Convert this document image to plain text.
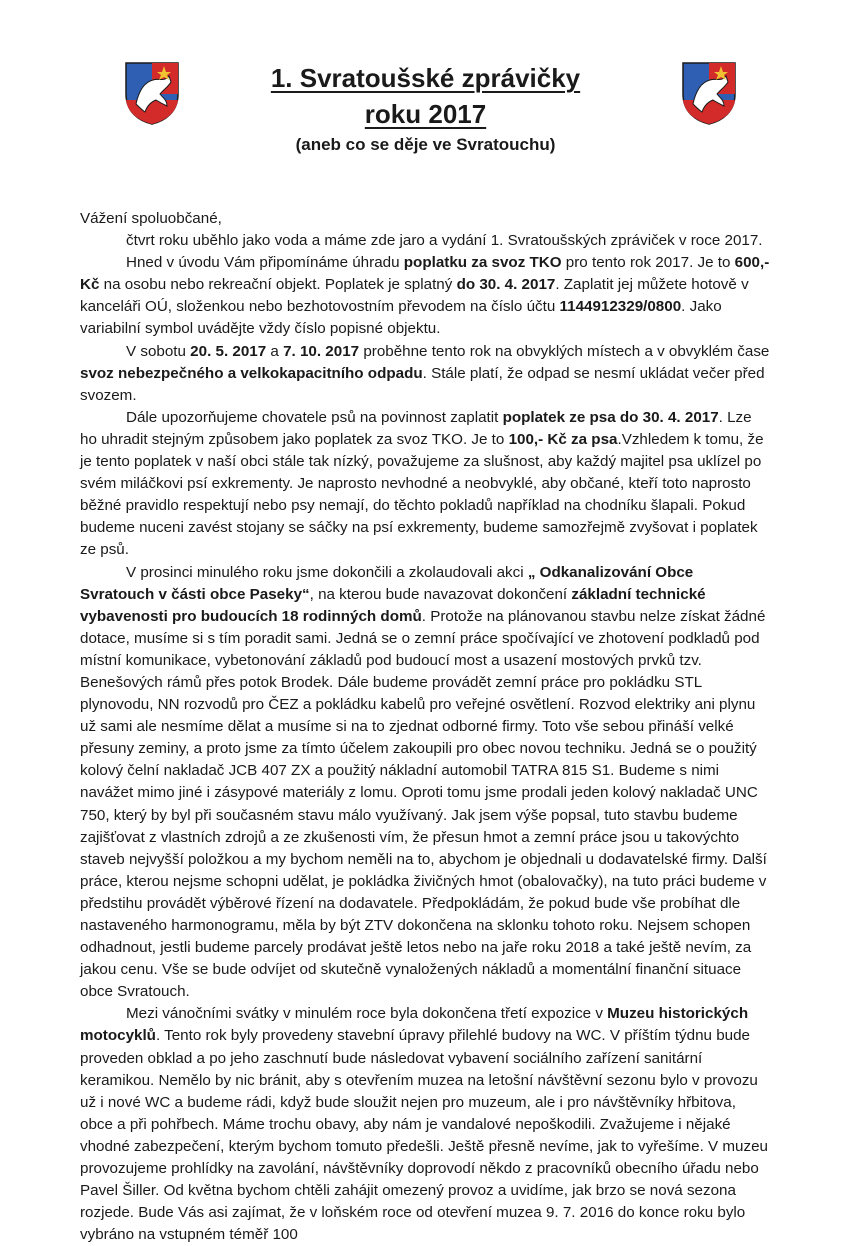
1. Svratoušské zprávičky
roku 2017
(aneb co se děje ve Svratouchu)

Vážení spoluobčané,

čtvrt roku uběhlo jako voda a máme zde jaro a vydání 1. Svratoušských zpráviček v roce 2017.

Hned v úvodu Vám připomínáme úhradu poplatku za svoz TKO pro tento rok 2017. Je to 600,- Kč na osobu nebo rekreační objekt. Poplatek je splatný do 30. 4. 2017. Zaplatit jej můžete hotově v kanceláři OÚ, složenkou nebo bezhotovostním převodem na číslo účtu 1144912329/0800. Jako variabilní symbol uvádějte vždy číslo popisné objektu.

V sobotu 20. 5. 2017 a 7. 10. 2017 proběhne tento rok na obvyklých místech a v obvyklém čase svoz nebezpečného a velkokapacitního odpadu. Stále platí, že odpad se nesmí ukládat večer před svozem.

Dále upozorňujeme chovatele psů na povinnost zaplatit poplatek ze psa do 30. 4. 2017. Lze ho uhradit stejným způsobem jako poplatek za svoz TKO. Je to 100,- Kč za psa.Vzhledem k tomu, že je tento poplatek v naší obci stále tak nízký, považujeme za slušnost, aby každý majitel psa uklízel po svém miláčkovi psí exkrementy. Je naprosto nevhodné a neobvyklé, aby občané, kteří toto naprosto běžné pravidlo respektují nebo psy nemají, do těchto pokladů například na chodníku šlapali. Pokud budeme nuceni zavést stojany se sáčky na psí exkrementy, budeme samozřejmě zvyšovat i poplatek ze psů.

V prosinci minulého roku jsme dokončili a zkolaudovali akci „ Odkanalizování Obce Svratouch v části obce Paseky“, na kterou bude navazovat dokončení základní technické vybavenosti pro budoucích 18 rodinných domů. Protože na plánovanou stavbu nelze získat žádné dotace, musíme si s tím poradit sami. Jedná se o zemní práce spočívající ve zhotovení podkladů pod místní komunikace, vybetonování základů pod budoucí most a usazení mostových prvků tzv. Benešových rámů přes potok Brodek. Dále budeme provádět zemní práce pro pokládku STL plynovodu, NN rozvodů pro ČEZ a pokládku kabelů pro veřejné osvětlení. Rozvod elektriky ani plynu už sami ale nesmíme dělat a musíme si na to zjednat odborné firmy. Toto vše sebou přináší velké přesuny zeminy, a proto jsme za tímto účelem zakoupili pro obec novou techniku. Jedná se o použitý kolový čelní nakladač JCB 407 ZX a použitý nákladní automobil TATRA 815 S1. Budeme s nimi navážet mimo jiné i zásypové materiály z lomu. Oproti tomu jsme prodali jeden kolový nakladač UNC 750, který by byl při současném stavu málo využívaný. Jak jsem výše popsal, tuto stavbu budeme zajišťovat z vlastních zdrojů a ze zkušenosti vím, že přesun hmot a zemní práce jsou u takovýchto staveb nejvyšší položkou a my bychom neměli na to, abychom je objednali u dodavatelské firmy. Další práce, kterou nejsme schopni udělat, je pokládka živičných hmot (obalovačky), na tuto práci budeme v předstihu provádět výběrové řízení na dodavatele. Předpokládám, že pokud bude vše probíhat dle nastaveného harmonogramu, měla by být ZTV dokončena na sklonku tohoto roku. Nejsem schopen odhadnout, jestli budeme parcely prodávat ještě letos nebo na jaře roku 2018 a také ještě nevím, za jakou cenu. Vše se bude odvíjet od skutečně vynaložených nákladů a momentální finanční situace obce Svratouch.

Mezi vánočními svátky v minulém roce byla dokončena třetí expozice v Muzeu historických motocyklů. Tento rok byly provedeny stavební úpravy přilehlé budovy na WC. V příštím týdnu bude proveden obklad a po jeho zaschnutí bude následovat vybavení sociálního zařízení sanitární keramikou. Nemělo by nic bránit, aby s otevřením muzea na letošní návštěvní sezonu bylo v provozu už i nové WC a budeme rádi, když bude sloužit nejen pro muzeum, ale i pro návštěvníky hřbitova, obce a při pohřbech. Máme trochu obavy, aby nám je vandalové nepoškodili. Zvažujeme i nějaké vhodné zabezpečení, kterým bychom tomuto předešli. Ještě přesně nevíme, jak to vyřešíme. V muzeu provozujeme prohlídky na zavolání, návštěvníky doprovodí někdo z pracovníků obecního úřadu nebo Pavel Šiller. Od května bychom chtěli zahájit omezený provoz a uvidíme, jak brzo se nová sezona rozjede. Bude Vás asi zajímat, že v loňském roce od otevření muzea 9. 7. 2016 do konce roku bylo vybráno na vstupném téměř 100
